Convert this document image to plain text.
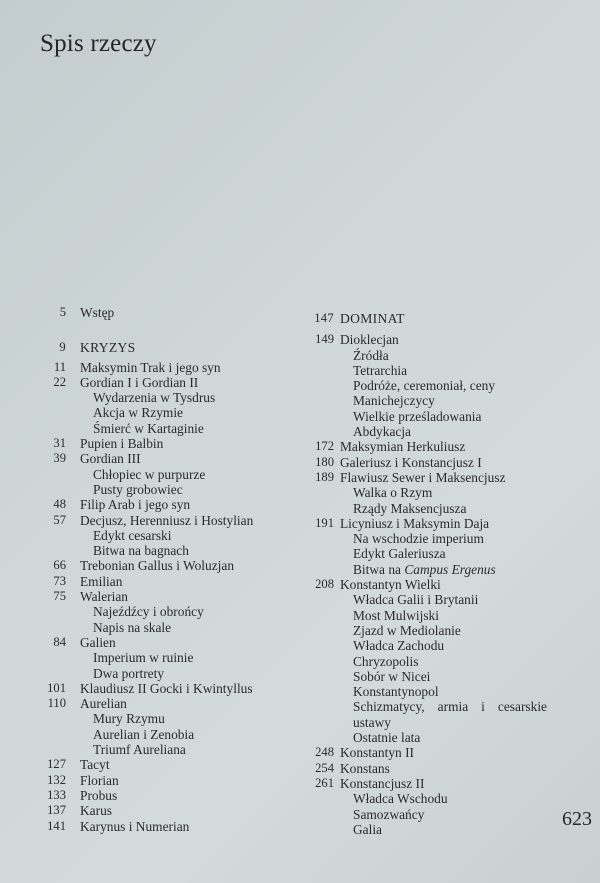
Spis rzeczy
5 Wstęp
9 KRYZYS
11 Maksymin Trak i jego syn
22 Gordian I i Gordian II
Wydarzenia w Tysdrus
Akcja w Rzymie
Śmierć w Kartaginie
31 Pupien i Balbin
39 Gordian III
Chłopiec w purpurze
Pusty grobowiec
48 Filip Arab i jego syn
57 Decjusz, Herenniusz i Hostylian
Edykt cesarski
Bitwa na bagnach
66 Trebonian Gallus i Woluzjan
73 Emilian
75 Walerian
Najeźdźcy i obrońcy
Napis na skale
84 Galien
Imperium w ruinie
Dwa portrety
101 Klaudiusz II Gocki i Kwintyllus
110 Aurelian
Mury Rzymu
Aurelian i Zenobia
Triumf Aureliana
127 Tacyt
132 Florian
133 Probus
137 Karus
141 Karynus i Numerian
147 DOMINAT
149 Dioklecjan
Źródła
Tetrarchia
Podróże, ceremoniał, ceny
Manichejczycy
Wielkie prześladowania
Abdykacja
172 Maksymian Herkuliusz
180 Galeriusz i Konstancjusz I
189 Flawiusz Sewer i Maksencjusz
Walka o Rzym
Rządy Maksencjusza
191 Licyniusz i Maksymin Daja
Na wschodzie imperium
Edykt Galeriusza
Bitwa na Campus Ergenus
208 Konstantyn Wielki
Władca Galii i Brytanii
Most Mulwijski
Zjazd w Mediolanie
Władca Zachodu
Chryzopolis
Sobór w Nicei
Konstantynopol
Schizmatycy, armia i cesarskie ustawy
Ostatnie lata
248 Konstantyn II
254 Konstans
261 Konstancjusz II
Władca Wschodu
Samozwańcy
Galia	623
